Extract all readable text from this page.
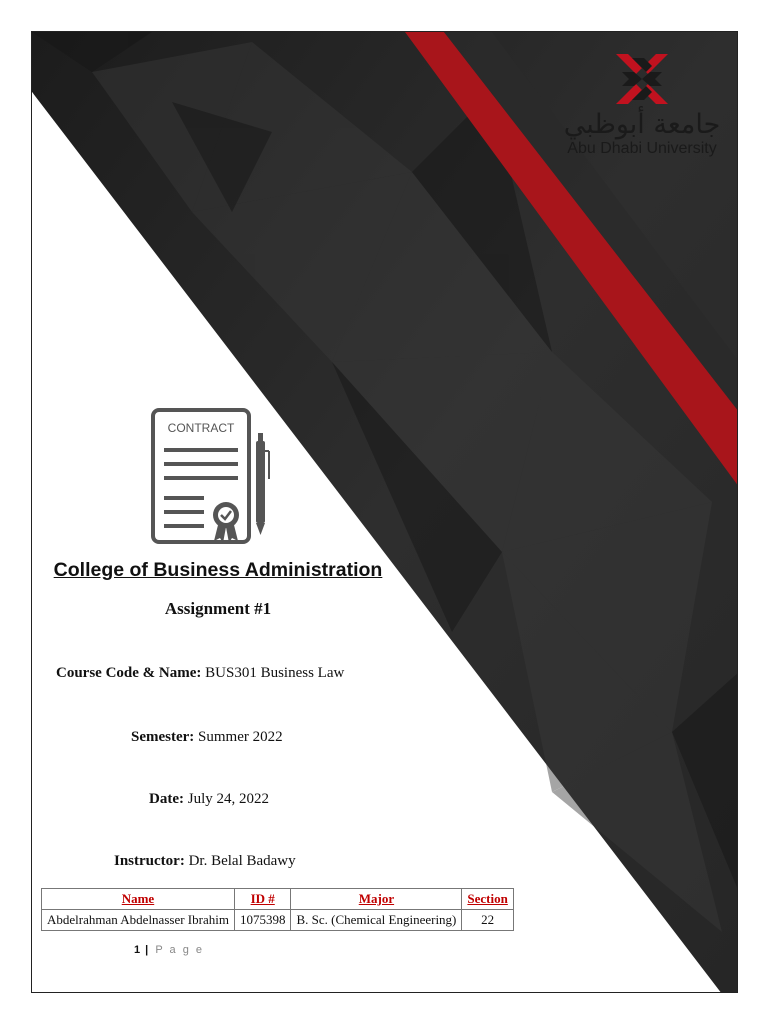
جامعة أبوظبي
Abu Dhabi University
CONTRACT
College of Business Administration
Assignment #1
Course Code & Name: BUS301 Business Law
Semester: Summer 2022
Date: July 24, 2022
Instructor: Dr. Belal Badawy
Name	ID #	Major	Section
Abdelrahman Abdelnasser Ibrahim	1075398	B. Sc. (Chemical Engineering)	22
1 | P a g e
